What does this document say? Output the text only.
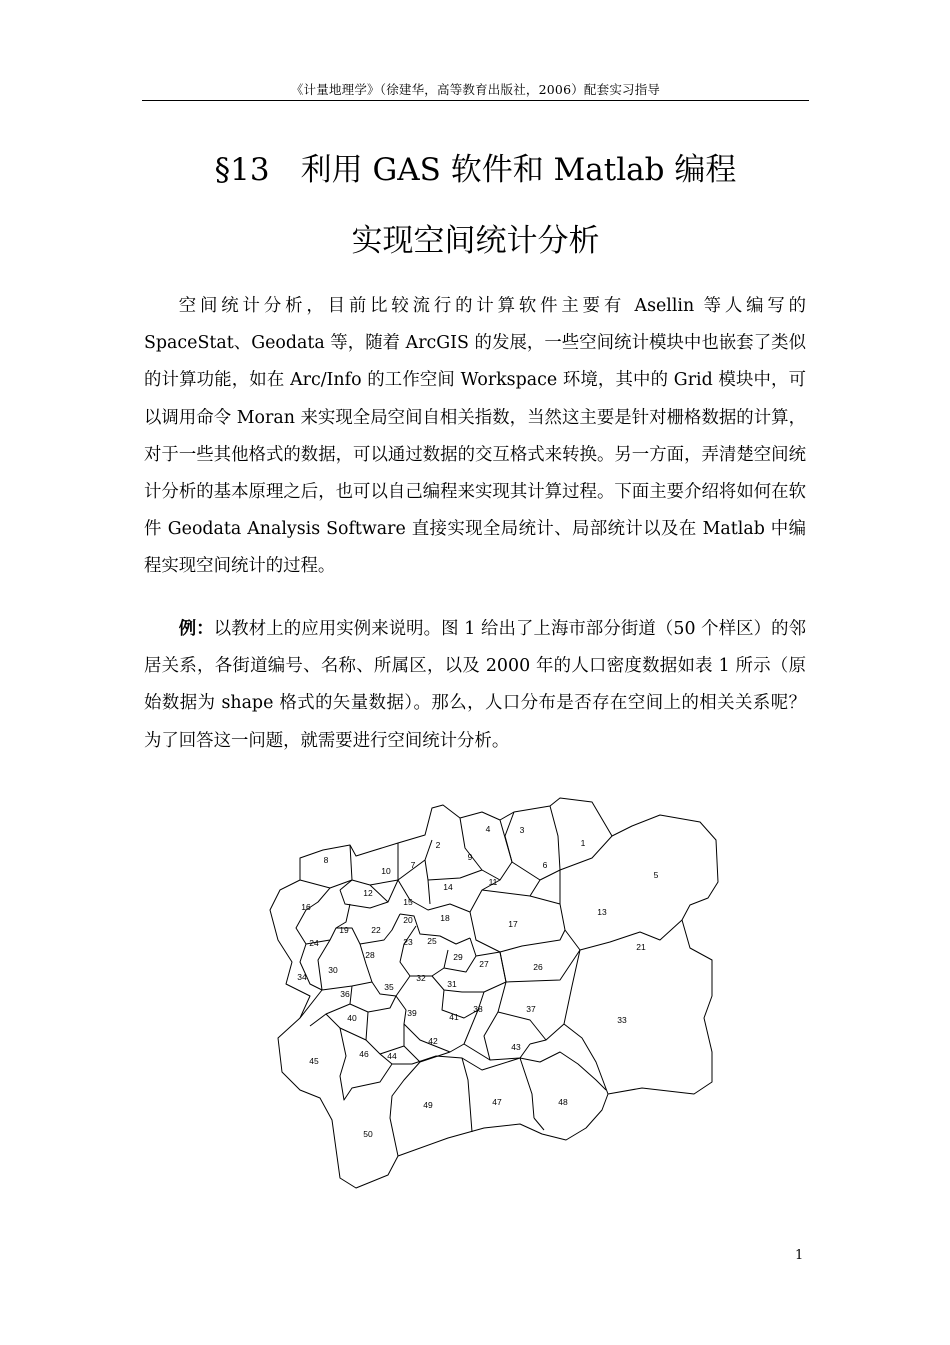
《计量地理学》（徐建华，高等教育出版社，2006）配套实习指导
§13　利用 GAS 软件和 Matlab 编程
实现空间统计分析

空间统计分析，目前比较流行的计算软件主要有 Asellin 等人编写的 SpaceStat、Geodata 等，随着 ArcGIS 的发展，一些空间统计模块中也嵌套了类似的计算功能，如在 Arc/Info 的工作空间 Workspace 环境，其中的 Grid 模块中，可以调用命令 Moran 来实现全局空间自相关指数，当然这主要是针对栅格数据的计算，对于一些其他格式的数据，可以通过数据的交互格式来转换。另一方面，弄清楚空间统计分析的基本原理之后，也可以自己编程来实现其计算过程。下面主要介绍将如何在软件 Geodata Analysis Software 直接实现全局统计、局部统计以及在 Matlab 中编程实现空间统计的过程。

例：以教材上的应用实例来说明。图 1 给出了上海市部分街道（50 个样区）的邻居关系，各街道编号、名称、所属区，以及 2000 年的人口密度数据如表 1 所示（原始数据为 shape 格式的矢量数据）。那么，人口分布是否存在空间上的相关关系呢？为了回答这一问题，就需要进行空间统计分析。

1
2
3
4
5
6
7
8	9
10
11
12
13
14
15
16
17
18
19
20
21
22
23
24	25
26
27
28	29
30
31
32
33
34
35
36
37
38
39
40	41
42
43
44
45
46
47	48
49
50
1
